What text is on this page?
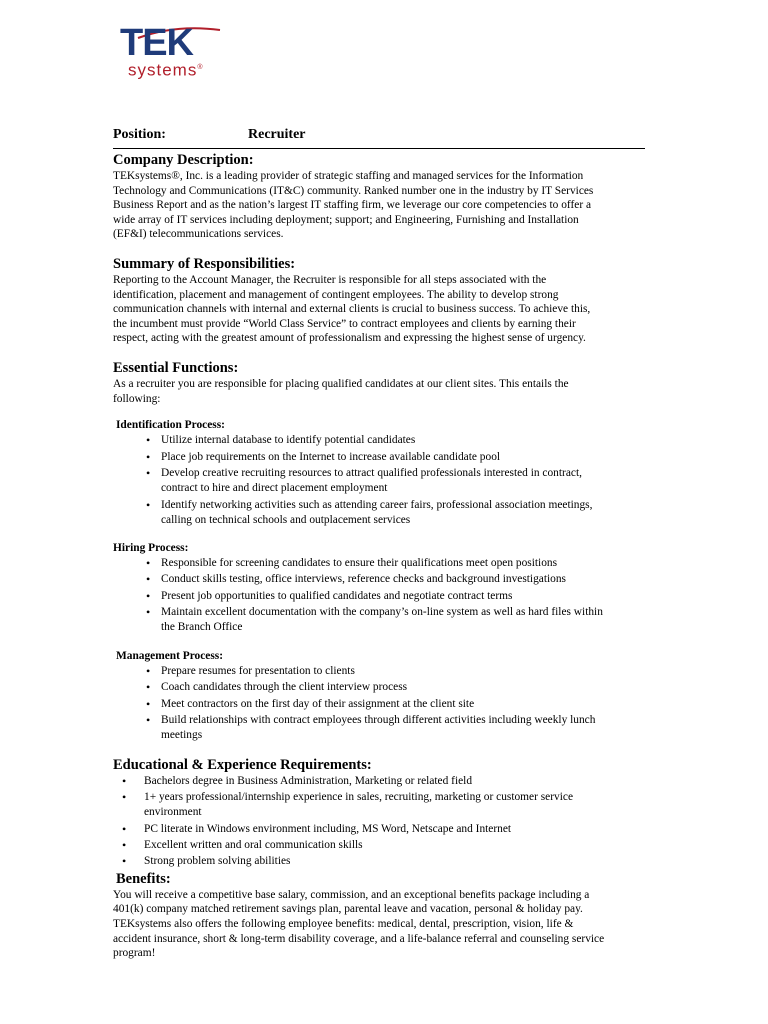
TEK
systems®
Position:	Recruiter
Company Description:
TEKsystems®, Inc. is a leading provider of strategic staffing and managed services for the Information
Technology and Communications (IT&C) community. Ranked number one in the industry by IT Services
Business Report and as the nation’s largest IT staffing firm, we leverage our core competencies to offer a
wide array of IT services including deployment; support; and Engineering, Furnishing and Installation
(EF&I) telecommunications services.
Summary of Responsibilities:
Reporting to the Account Manager, the Recruiter is responsible for all steps associated with the
identification, placement and management of contingent employees. The ability to develop strong
communication channels with internal and external clients is crucial to business success. To achieve this,
the incumbent must provide “World Class Service” to contract employees and clients by earning their
respect, acting with the greatest amount of professionalism and expressing the highest sense of urgency.
Essential Functions:
As a recruiter you are responsible for placing qualified candidates at our client sites. This entails the
following:
Identification Process:
• Utilize internal database to identify potential candidates
• Place job requirements on the Internet to increase available candidate pool
• Develop creative recruiting resources to attract qualified professionals interested in contract,
contract to hire and direct placement employment
• Identify networking activities such as attending career fairs, professional association meetings,
calling on technical schools and outplacement services
Hiring Process:
• Responsible for screening candidates to ensure their qualifications meet open positions
• Conduct skills testing, office interviews, reference checks and background investigations
• Present job opportunities to qualified candidates and negotiate contract terms
• Maintain excellent documentation with the company’s on-line system as well as hard files within
the Branch Office
Management Process:
• Prepare resumes for presentation to clients
• Coach candidates through the client interview process
• Meet contractors on the first day of their assignment at the client site
• Build relationships with contract employees through different activities including weekly lunch
meetings
Educational & Experience Requirements:
• Bachelors degree in Business Administration, Marketing or related field
• 1+ years professional/internship experience in sales, recruiting, marketing or customer service
environment
• PC literate in Windows environment including, MS Word, Netscape and Internet
• Excellent written and oral communication skills
• Strong problem solving abilities
Benefits:
You will receive a competitive base salary, commission, and an exceptional benefits package including a
401(k) company matched retirement savings plan, parental leave and vacation, personal & holiday pay.
TEKsystems also offers the following employee benefits: medical, dental, prescription, vision, life &
accident insurance, short & long-term disability coverage, and a life-balance referral and counseling service
program!
